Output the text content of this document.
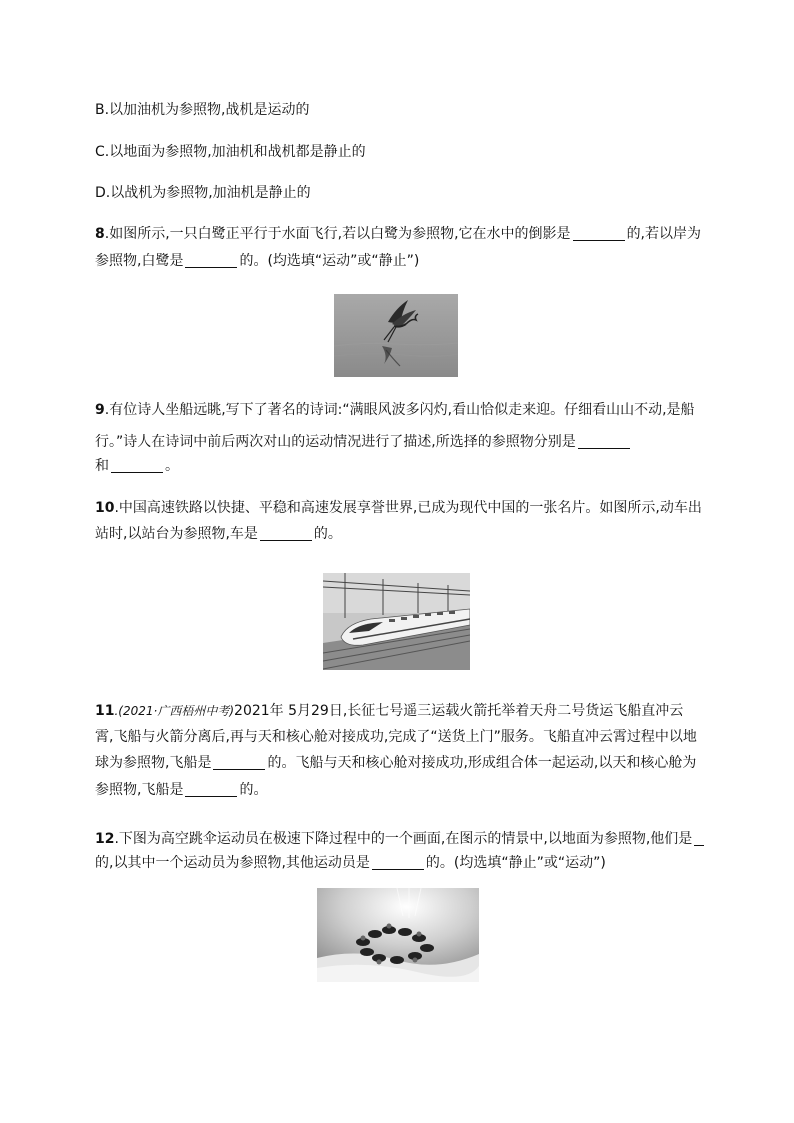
B.以加油机为参照物,战机是运动的
C.以地面为参照物,加油机和战机都是静止的
D.以战机为参照物,加油机是静止的
8.如图所示,一只白鹭正平行于水面飞行,若以白鹭为参照物,它在水中的倒影是	的,若以岸为
参照物,白鹭是	的。(均选填“运动”或“静止”)
9.有位诗人坐船远眺,写下了著名的诗词:“满眼风波多闪灼,看山恰似走来迎。仔细看山山不动,是船
行。”诗人在诗词中前后两次对山的运动情况进行了描述,所选择的参照物分别是
和	。
10.中国高速铁路以快捷、平稳和高速发展享誉世界,已成为现代中国的一张名片。如图所示,动车出
站时,以站台为参照物,车是	的。
11.(2021·广西梧州中考)2021年 5月29日,长征七号遥三运载火箭托举着天舟二号货运飞船直冲云
霄,飞船与火箭分离后,再与天和核心舱对接成功,完成了“送货上门”服务。飞船直冲云霄过程中以地
球为参照物,飞船是	的。飞船与天和核心舱对接成功,形成组合体一起运动,以天和核心舱为
参照物,飞船是	的。
12.下图为高空跳伞运动员在极速下降过程中的一个画面,在图示的情景中,以地面为参照物,他们是
的,以其中一个运动员为参照物,其他运动员是	的。(均选填“静止”或“运动”)
